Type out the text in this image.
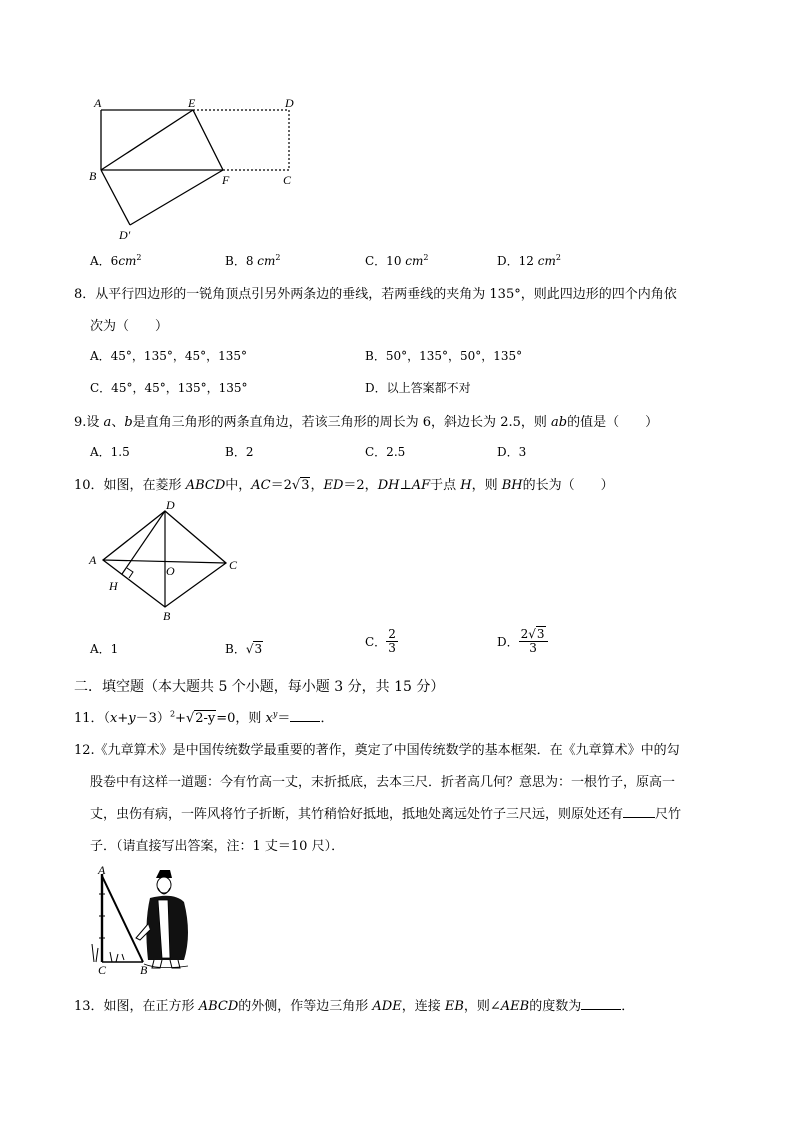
A	E	D
B	F	C
D′
A．$6cm^2$	B．8 $cm^2$	C．10 $cm^2$	D．12 $cm^2$
8．从平行四边形的一锐角顶点引另外两条边的垂线，若两垂线的夹角为 135°，则此四边形的四个内角依
次为（　　）
A．45°，135°，45°，135°	B．50°，135°，50°，135°
C．45°，45°，135°，135°	D．以上答案都不对
9.设 a、b是直角三角形的两条直角边，若该三角形的周长为 6，斜边长为 2.5，则 ab的值是（　　）
A．1.5	B．2	C．2.5	D．3
10．如图，在菱形 ABCD中，AC＝2√3，ED＝2，DH⊥AF于点 H，则 BH的长为（　　）
D
A
O	C
H
B
A．1	B．√3	C． $\frac{2}{3}$	D． $\frac{2√3}{3}$
二．填空题（本大题共 5 个小题，每小题 3 分，共 15 分）
11．$(x+y-3)^2+√2-y=0$，则 $x^y=$ ．
12.《九章算术》是中国传统数学最重要的著作，奠定了中国传统数学的基本框架．在《九章算术》中的勾
股卷中有这样一道题：今有竹高一丈，末折抵底，去本三尺．折者高几何？意思为：一根竹子，原高一
丈，虫伤有病，一阵风将竹子折断，其竹稍恰好抵地，抵地处离远处竹子三尺远，则原处还有 尺竹
子．（请直接写出答案，注：1 丈＝10 尺）．
A
C	B
13．如图，在正方形 ABCD的外侧，作等边三角形 ADE，连接 EB，则∠AEB的度数为	．
